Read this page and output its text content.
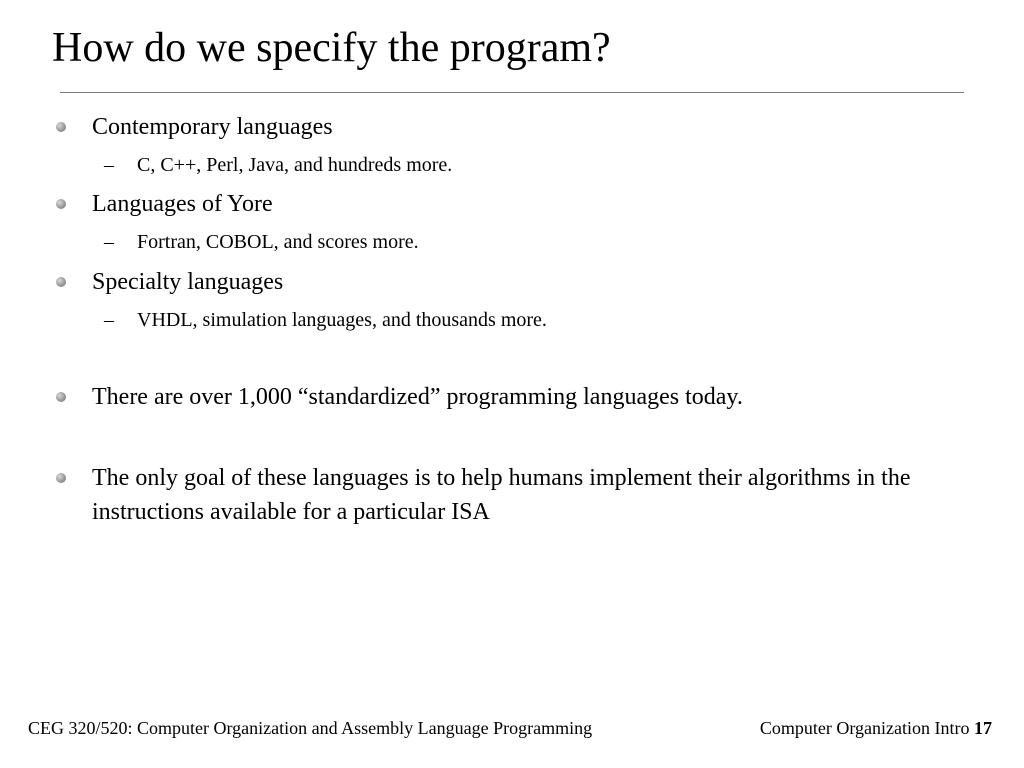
How do we specify the program?
Contemporary languages
– C, C++, Perl, Java, and hundreds more.
Languages of Yore
– Fortran, COBOL, and scores more.
Specialty languages
– VHDL, simulation languages, and thousands more.
There are over 1,000 “standardized” programming languages today.
The only goal of these languages is to help humans implement their algorithms in the instructions available for a particular ISA
CEG 320/520: Computer Organization and Assembly Language Programming	Computer Organization Intro 17
